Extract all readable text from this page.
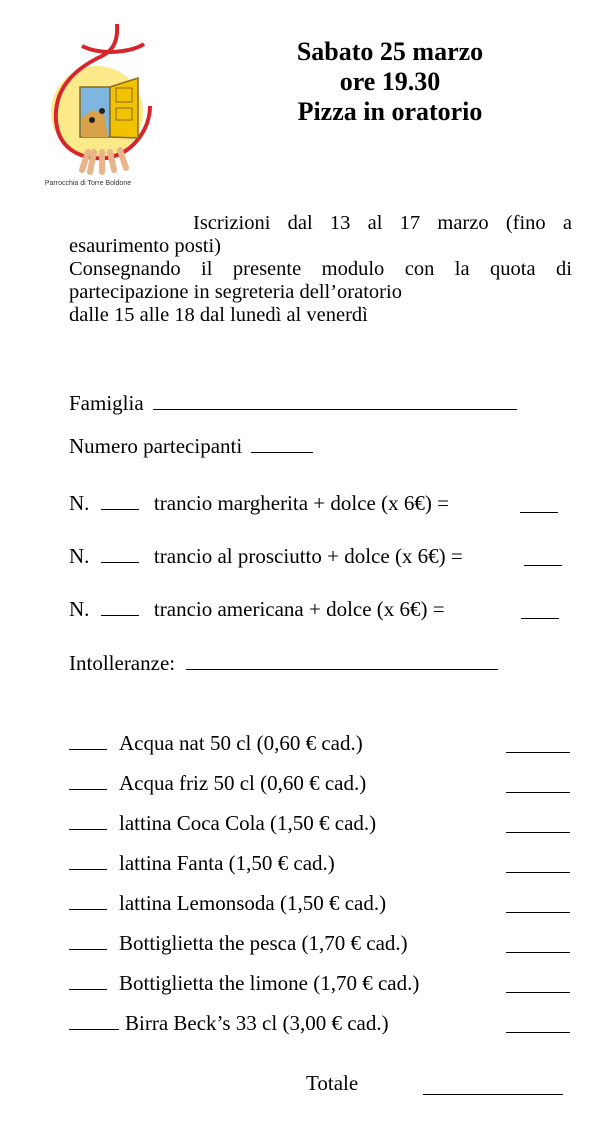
Parrocchia di Torre Boldone
Sabato 25 marzo
ore 19.30
Pizza in oratorio
Iscrizioni dal 13 al 17 marzo (fino a
esaurimento posti)
Consegnando il presente modulo con la quota di
partecipazione in segreteria dell’oratorio
dalle 15 alle 18 dal lunedì al venerdì
Famiglia
Numero partecipanti
N.	trancio margherita + dolce (x 6€) =
N.	trancio al prosciutto + dolce (x 6€) =
N.	trancio americana + dolce (x 6€) =
Intolleranze:
Acqua nat 50 cl (0,60 € cad.)
Acqua friz 50 cl (0,60 € cad.)
lattina Coca Cola (1,50 € cad.)
lattina Fanta (1,50 € cad.)
lattina Lemonsoda (1,50 € cad.)
Bottiglietta the pesca (1,70 € cad.)
Bottiglietta the limone (1,70 € cad.)
Birra Beck’s 33 cl (3,00 € cad.)
Totale
